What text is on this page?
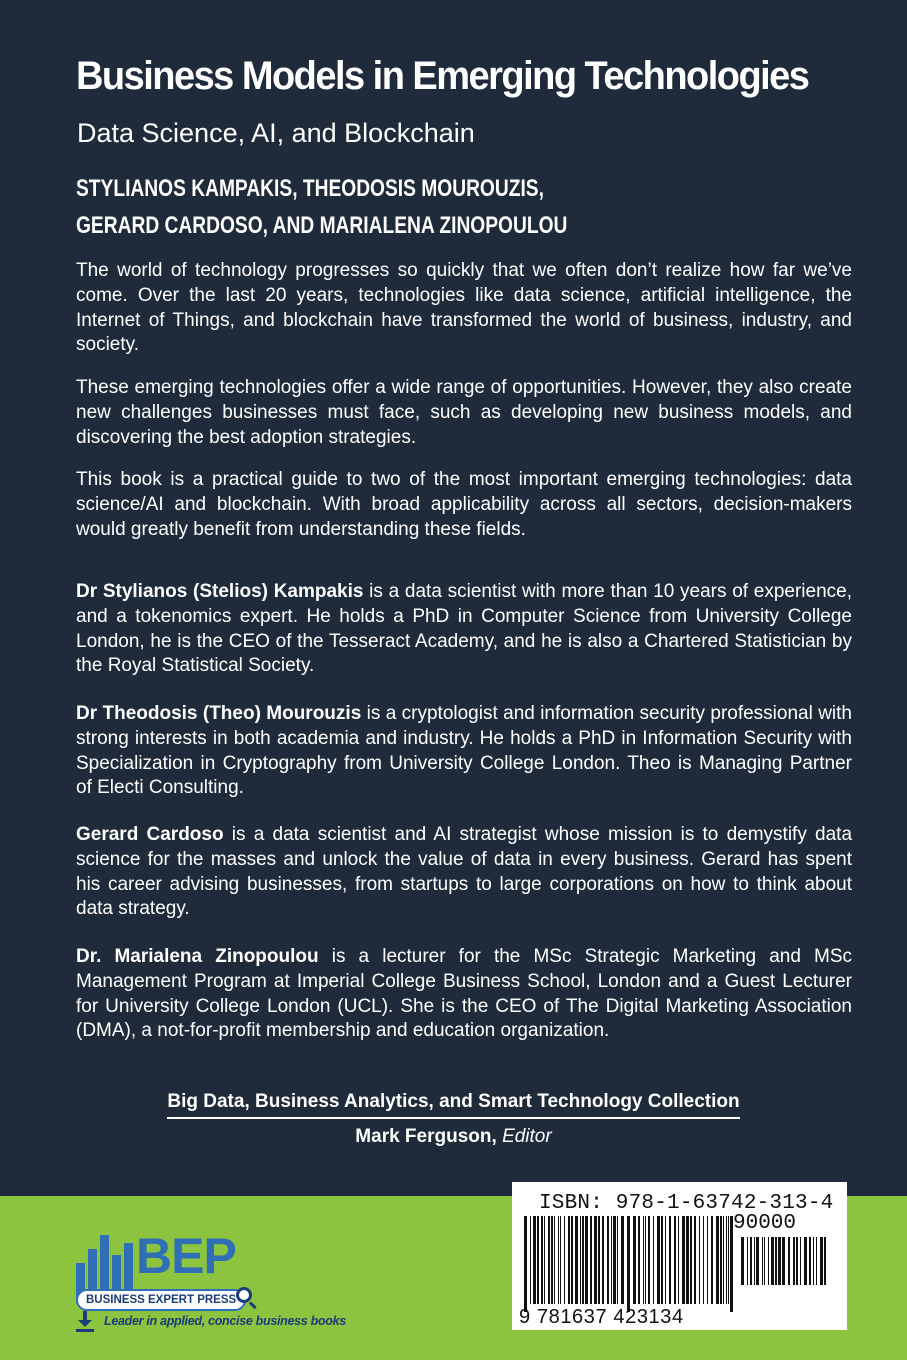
Business Models in Emerging Technologies
Data Science, AI, and Blockchain
STYLIANOS KAMPAKIS, THEODOSIS MOUROUZIS,
GERARD CARDOSO, AND MARIALENA ZINOPOULOU
The world of technology progresses so quickly that we often don’t realize how far we’ve come. Over the last 20 years, technologies like data science, artificial intelligence, the Internet of Things, and blockchain have transformed the world of business, industry, and society.
These emerging technologies offer a wide range of opportunities. However, they also create new challenges businesses must face, such as developing new business models, and discovering the best adoption strategies.
This book is a practical guide to two of the most important emerging technologies: data science/AI and blockchain. With broad applicability across all sectors, decision-makers would greatly benefit from understanding these fields.
Dr Stylianos (Stelios) Kampakis is a data scientist with more than 10 years of experience, and a tokenomics expert. He holds a PhD in Computer Science from University College London, he is the CEO of the Tesseract Academy, and he is also a Chartered Statistician by the Royal Statistical Society.
Dr Theodosis (Theo) Mourouzis is a cryptologist and information security professional with strong interests in both academia and industry. He holds a PhD in Information Security with Specialization in Cryptography from University College London. Theo is Managing Partner of Electi Consulting.
Gerard Cardoso is a data scientist and AI strategist whose mission is to demystify data science for the masses and unlock the value of data in every business. Gerard has spent his career advising businesses, from startups to large corporations on how to think about data strategy.
Dr. Marialena Zinopoulou is a lecturer for the MSc Strategic Marketing and MSc Management Program at Imperial College Business School, London and a Guest Lecturer for University College London (UCL). She is the CEO of The Digital Marketing Association (DMA), a not-for-profit membership and education organization.
Big Data, Business Analytics, and Smart Technology Collection
Mark Ferguson, Editor
BEP
BUSINESS EXPERT PRESS
Leader in applied, concise business books
ISBN: 978-1-63742-313-4
90000
9 781637 423134
